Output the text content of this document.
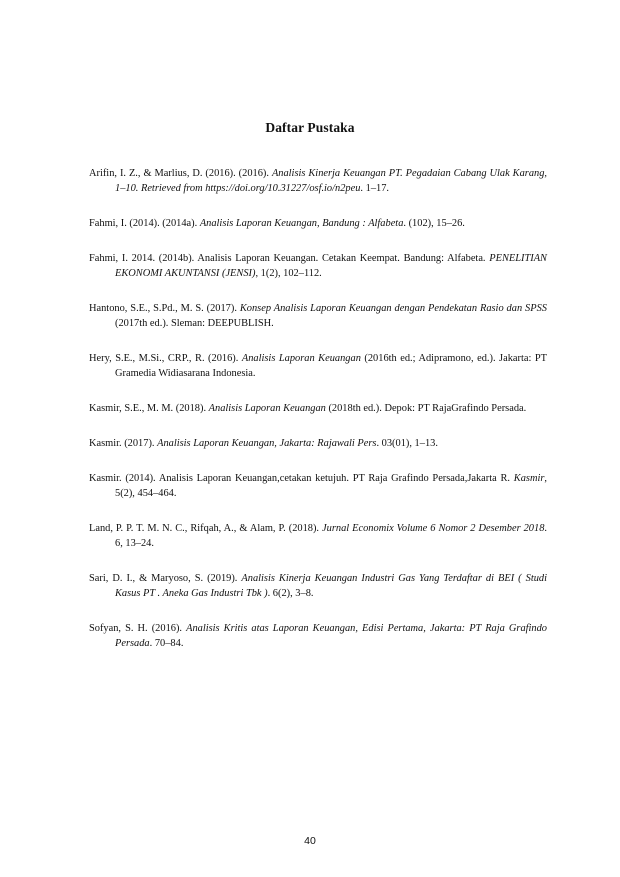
Daftar Pustaka

Arifin, I. Z., & Marlius, D. (2016). (2016). Analisis Kinerja Keuangan PT. Pegadaian Cabang Ulak Karang, 1–10. Retrieved from https://doi.org/10.31227/osf.io/n2peu. 1–17.

Fahmi, I. (2014). (2014a). Analisis Laporan Keuangan, Bandung : Alfabeta. (102), 15–26.

Fahmi, I. 2014. (2014b). Analisis Laporan Keuangan. Cetakan Keempat. Bandung: Alfabeta. PENELITIAN EKONOMI AKUNTANSI (JENSI), 1(2), 102–112.

Hantono, S.E., S.Pd., M. S. (2017). Konsep Analisis Laporan Keuangan dengan Pendekatan Rasio dan SPSS (2017th ed.). Sleman: DEEPUBLISH.

Hery, S.E., M.Si., CRP., R. (2016). Analisis Laporan Keuangan (2016th ed.; Adipramono, ed.). Jakarta: PT Gramedia Widiasarana Indonesia.

Kasmir, S.E., M. M. (2018). Analisis Laporan Keuangan (2018th ed.). Depok: PT RajaGrafindo Persada.

Kasmir. (2017). Analisis Laporan Keuangan, Jakarta: Rajawali Pers. 03(01), 1–13.

Kasmir. (2014). Analisis Laporan Keuangan,cetakan ketujuh. PT Raja Grafindo Persada,Jakarta R. Kasmir, 5(2), 454–464.

Land, P. P. T. M. N. C., Rifqah, A., & Alam, P. (2018). Jurnal Economix Volume 6 Nomor 2 Desember 2018. 6, 13–24.

Sari, D. I., & Maryoso, S. (2019). Analisis Kinerja Keuangan Industri Gas Yang Terdaftar di BEI ( Studi Kasus PT . Aneka Gas Industri Tbk ). 6(2), 3–8.

Sofyan, S. H. (2016). Analisis Kritis atas Laporan Keuangan, Edisi Pertama, Jakarta: PT Raja Grafindo Persada. 70–84.

40
